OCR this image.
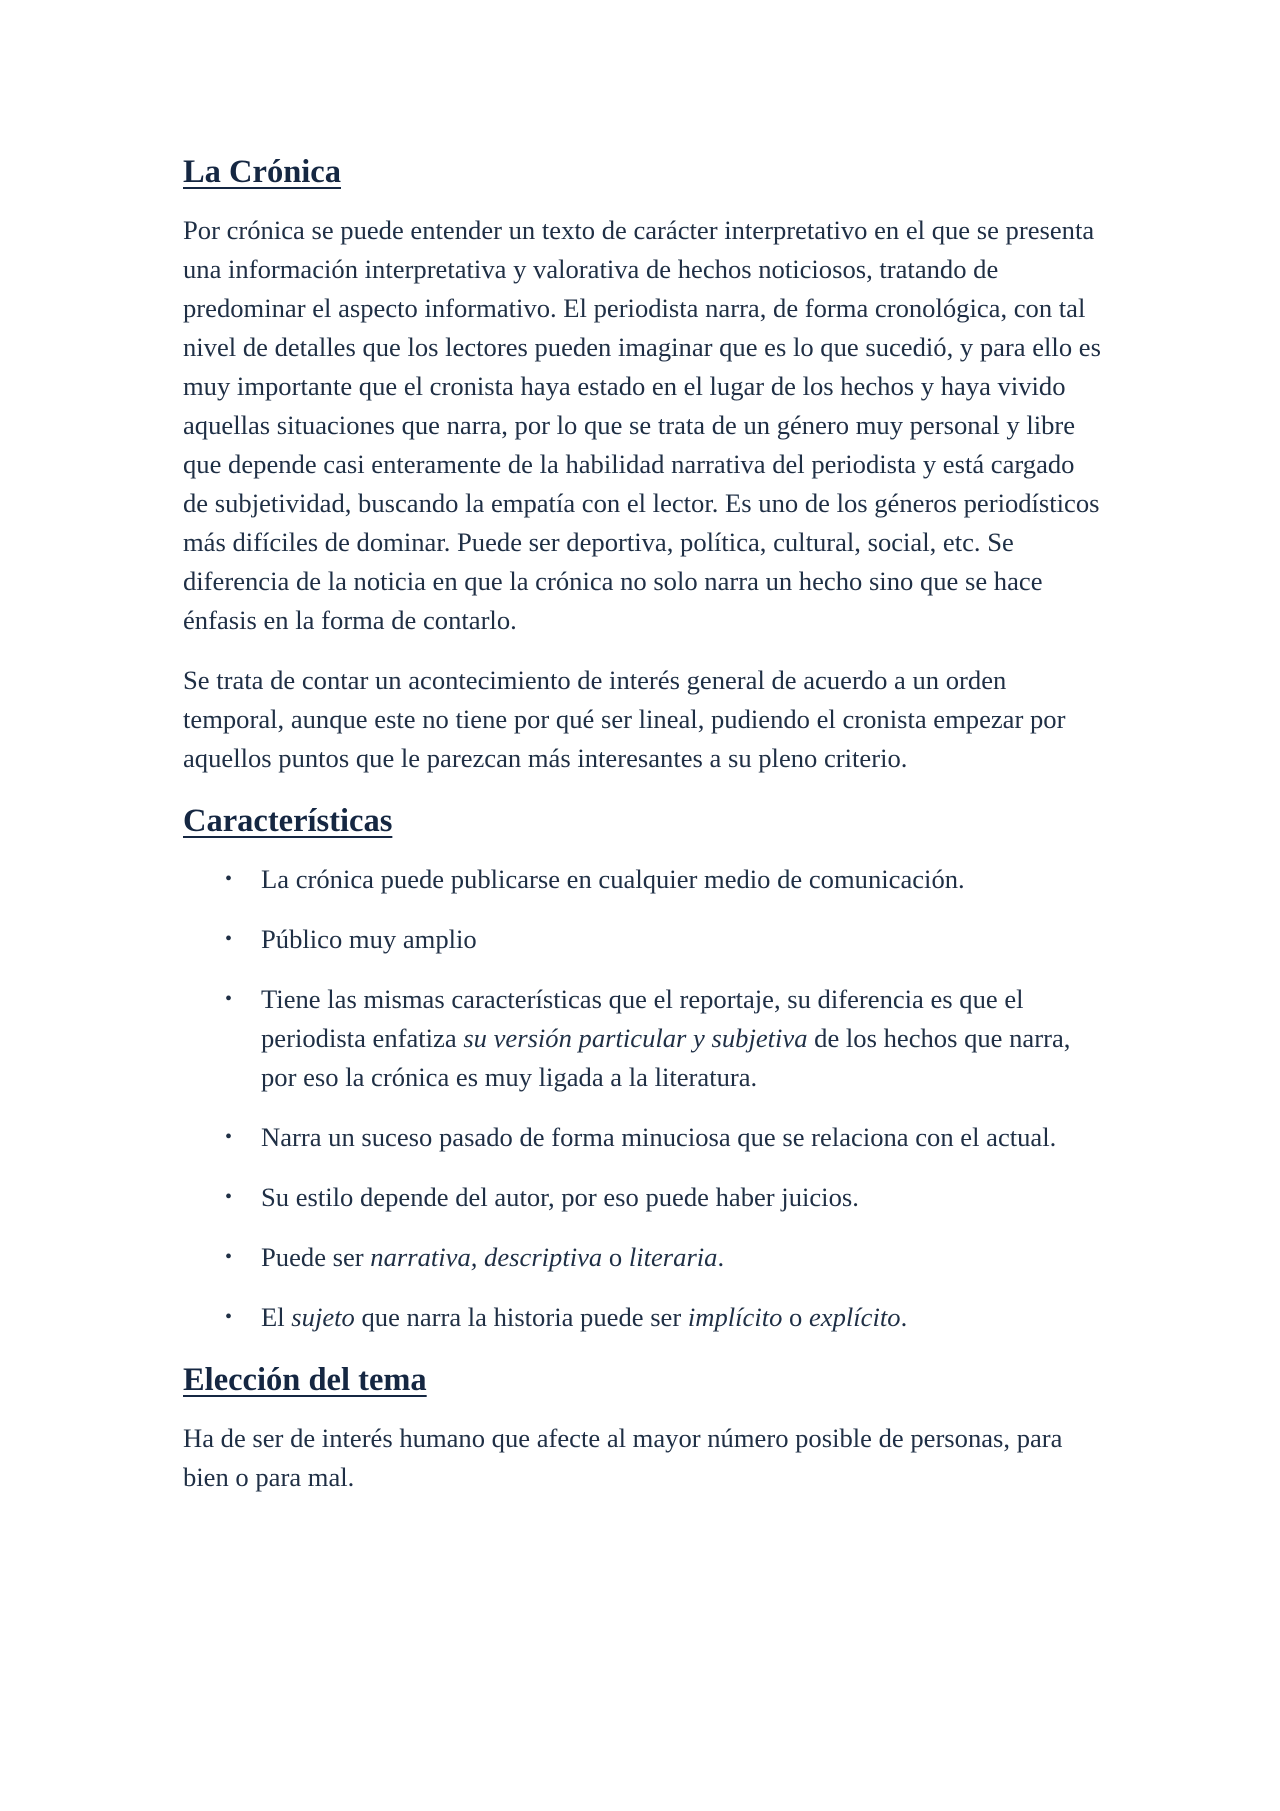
La Crónica

Por crónica se puede entender un texto de carácter interpretativo en el que se presenta una información interpretativa y valorativa de hechos noticiosos, tratando de predominar el aspecto informativo. El periodista narra, de forma cronológica, con tal nivel de detalles que los lectores pueden imaginar que es lo que sucedió, y para ello es muy importante que el cronista haya estado en el lugar de los hechos y haya vivido aquellas situaciones que narra, por lo que se trata de un género muy personal y libre que depende casi enteramente de la habilidad narrativa del periodista y está cargado de subjetividad, buscando la empatía con el lector. Es uno de los géneros periodísticos más difíciles de dominar. Puede ser deportiva, política, cultural, social, etc. Se diferencia de la noticia en que la crónica no solo narra un hecho sino que se hace énfasis en la forma de contarlo.

Se trata de contar un acontecimiento de interés general de acuerdo a un orden temporal, aunque este no tiene por qué ser lineal, pudiendo el cronista empezar por aquellos puntos que le parezcan más interesantes a su pleno criterio.

Características
• La crónica puede publicarse en cualquier medio de comunicación.
• Público muy amplio
• Tiene las mismas características que el reportaje, su diferencia es que el periodista enfatiza su versión particular y subjetiva de los hechos que narra, por eso la crónica es muy ligada a la literatura.
• Narra un suceso pasado de forma minuciosa que se relaciona con el actual.
• Su estilo depende del autor, por eso puede haber juicios.
• Puede ser narrativa, descriptiva o literaria.
• El sujeto que narra la historia puede ser implícito o explícito.
Elección del tema

Ha de ser de interés humano que afecte al mayor número posible de personas, para bien o para mal.
